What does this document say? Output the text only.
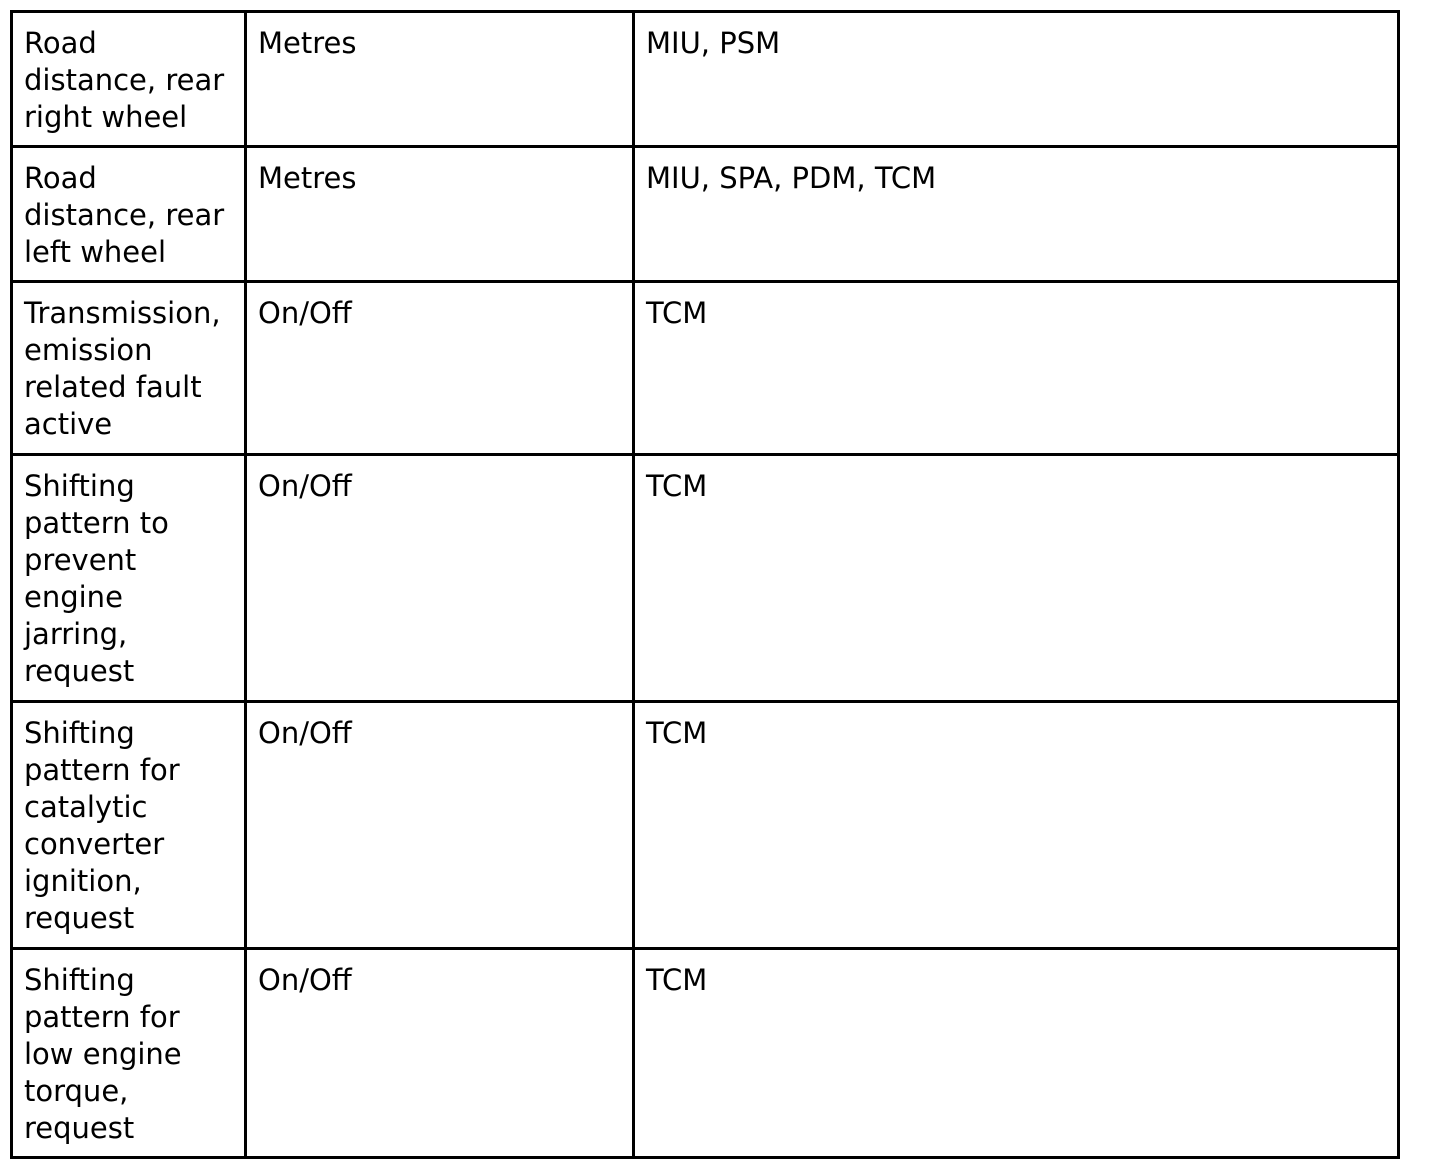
Road distance, rear right wheel	Metres	MIU, PSM
Road distance, rear left wheel	Metres	MIU, SPA, PDM, TCM
Transmission, emission related fault active	On/Off	TCM
Shifting pattern to prevent engine jarring, request	On/Off	TCM
Shifting pattern for catalytic converter ignition, request	On/Off	TCM
Shifting pattern for low engine torque, request	On/Off	TCM
